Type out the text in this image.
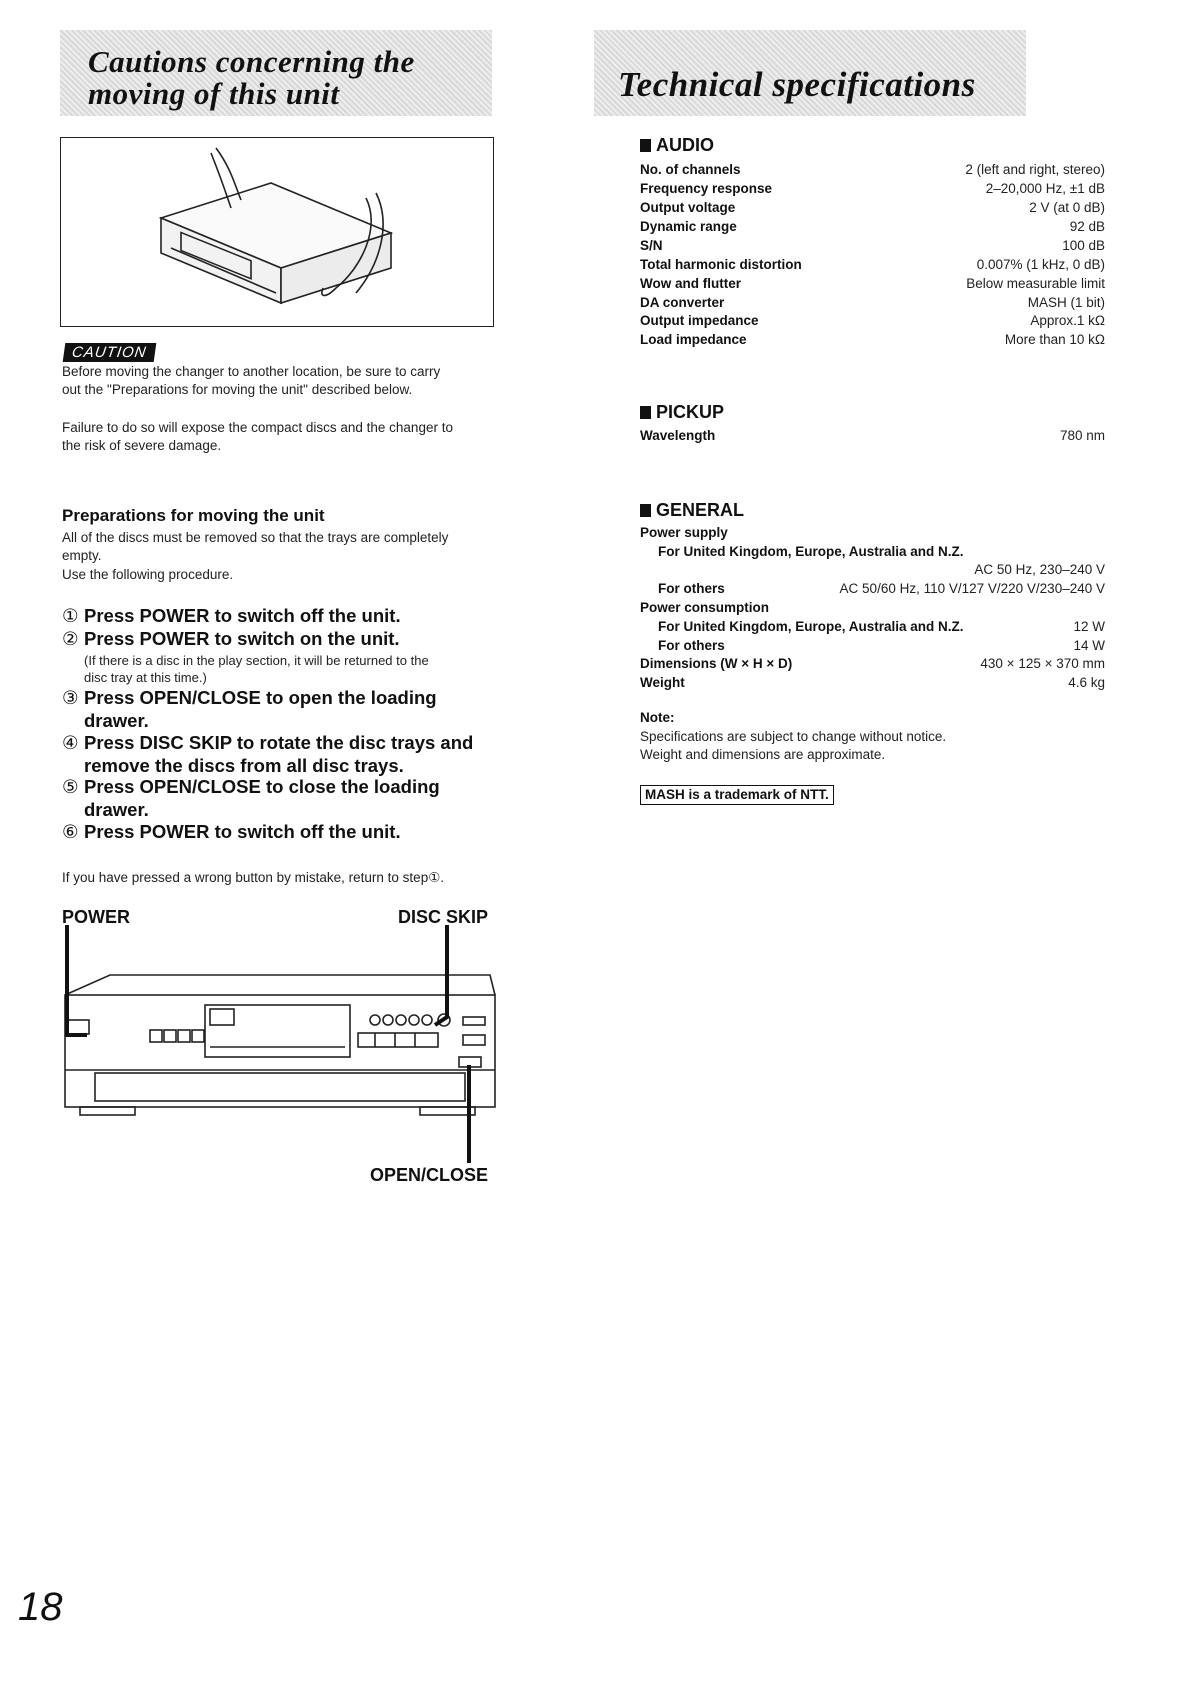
Cautions concerning the
moving of this unit	Technical specifications
CAUTION
Before moving the changer to another location, be sure to carry
out the "Preparations for moving the unit" described below.
Failure to do so will expose the compact discs and the changer to
the risk of severe damage.
Preparations for moving the unit
All of the discs must be removed so that the trays are completely
empty.
Use the following procedure.
① Press POWER to switch off the unit.
② Press POWER to switch on the unit.
(If there is a disc in the play section, it will be returned to the
disc tray at this time.)
③ Press OPEN/CLOSE to open the loading
drawer.
④ Press DISC SKIP to rotate the disc trays and
remove the discs from all disc trays.
⑤ Press OPEN/CLOSE to close the loading
drawer.
⑥ Press POWER to switch off the unit.
If you have pressed a wrong button by mistake, return to step①.
POWER	DISC SKIP
OPEN/CLOSE
AUDIO
No. of channels	2 (left and right, stereo)
Frequency response	2–20,000 Hz, ±1 dB
Output voltage	2 V (at 0 dB)
Dynamic range	92 dB
S/N	100 dB
Total harmonic distortion	0.007% (1 kHz, 0 dB)
Wow and flutter	Below measurable limit
DA converter	MASH (1 bit)
Output impedance	Approx.1 kΩ
Load impedance	More than 10 kΩ
PICKUP
Wavelength	780 nm
GENERAL
Power supply
For United Kingdom, Europe, Australia and N.Z.
AC 50 Hz, 230–240 V
For others	AC 50/60 Hz, 110 V/127 V/220 V/230–240 V
Power consumption
For United Kingdom, Europe, Australia and N.Z.	12 W
For others	14 W
Dimensions (W × H × D)	430 × 125 × 370 mm
Weight	4.6 kg
Note:
Specifications are subject to change without notice.
Weight and dimensions are approximate.
MASH is a trademark of NTT.
18
